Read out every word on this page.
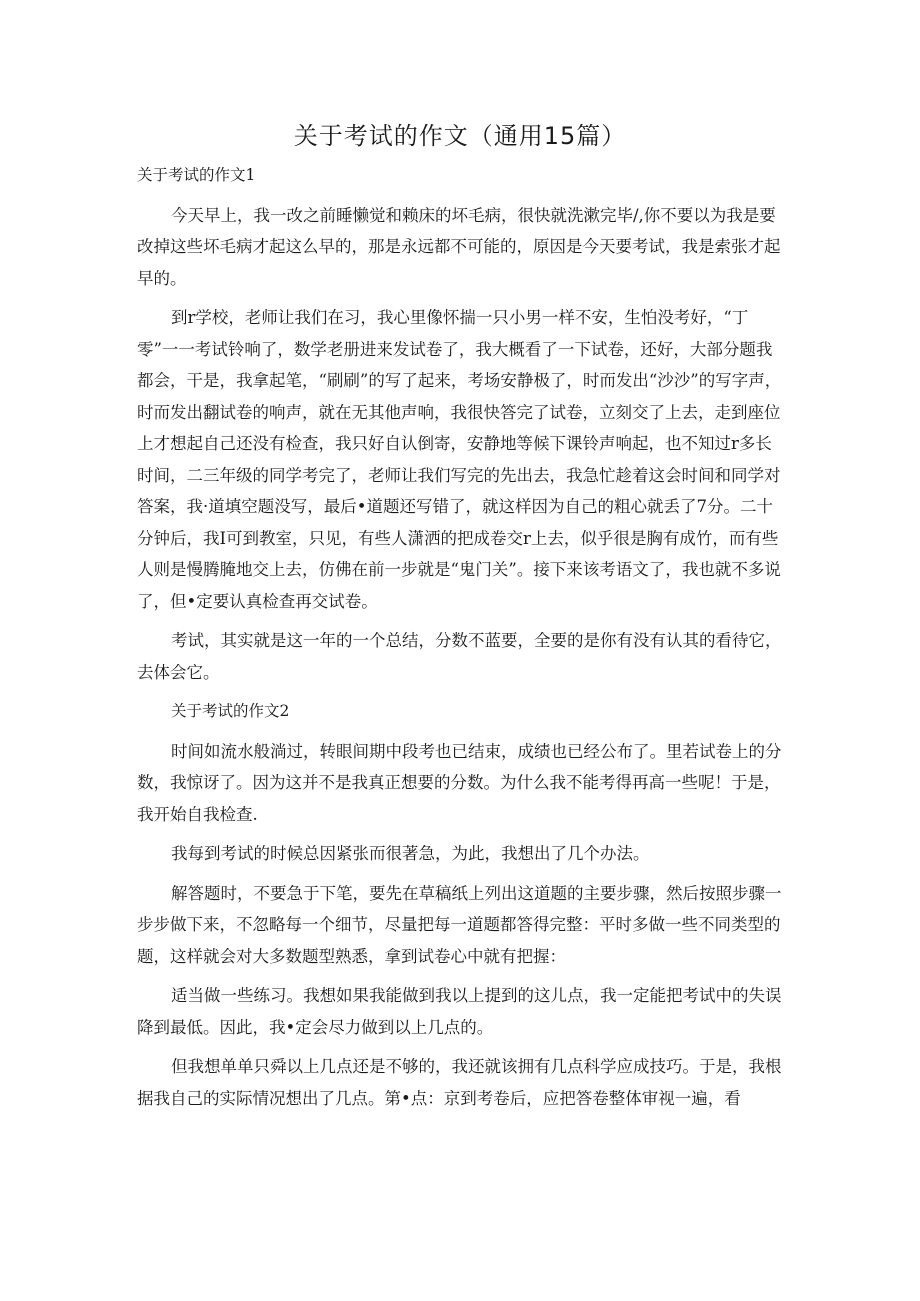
关于考试的作文（通用15篇）

关于考试的作文1

今天早上，我一改之前睡懒觉和赖床的坏毛病，很快就洗漱完毕/,你不要以为我是要改掉这些坏毛病才起这么早的，那是永远都不可能的，原因是今天要考试，我是索张才起早的。

到r学校，老师让我们在习，我心里像怀揣一只小男一样不安，生怕没考好，“丁零”一一考试铃响了，数学老册进来发试卷了，我大概看了一下试卷，还好，大部分题我都会，干是，我拿起笔，“刷刷”的写了起来，考场安静极了，时而发出“沙沙”的写字声，时而发出翻试卷的响声，就在无其他声响，我很快答完了试卷，立刻交了上去，走到座位上才想起自己还没有检查，我只好自认倒寄，安静地等候下课铃声响起，也不知过r多长时间，二三年级的同学考完了，老师让我们写完的先出去，我急忙趁着这会时间和同学对答案，我·道填空题没写，最后•道题还写错了，就这样因为自己的粗心就丢了7分。二十分钟后，我I可到教室，只见，有些人潇洒的把成卷交r上去，似乎很是胸有成竹，而有些人则是慢腾腌地交上去，仿佛在前一步就是“鬼门关”。接下来该考语文了，我也就不多说了，但•定要认真检查再交试卷。

考试，其实就是这一年的一个总结，分数不蓝要，全要的是你有没有认其的看待它，去体会它。

关于考试的作文2

时间如流水般淌过，转眼间期中段考也已结束，成绩也已经公布了。里若试卷上的分数，我惊讶了。因为这并不是我真正想要的分数。为什么我不能考得再高一些呢！于是，我开始自我检查.

我每到考试的时候总因紧张而很著急，为此，我想出了几个办法。

解答题时，不要急于下笔，要先在草稿纸上列出这道题的主要步骤，然后按照步骤一步步做下来，不忽略每一个细节，尽量把每一道题都答得完整：平时多做一些不同类型的题，这样就会对大多数题型熟悉，拿到试卷心中就有把握：

适当做一些练习。我想如果我能做到我以上提到的这儿点，我一定能把考试中的失误降到最低。因此，我•定会尽力做到以上几点的。

但我想单单只舜以上几点还是不够的，我还就该拥有几点科学应成技巧。于是，我根据我自己的实际情况想出了几点。第•点：京到考卷后，应把答卷整体审视一遍，看
